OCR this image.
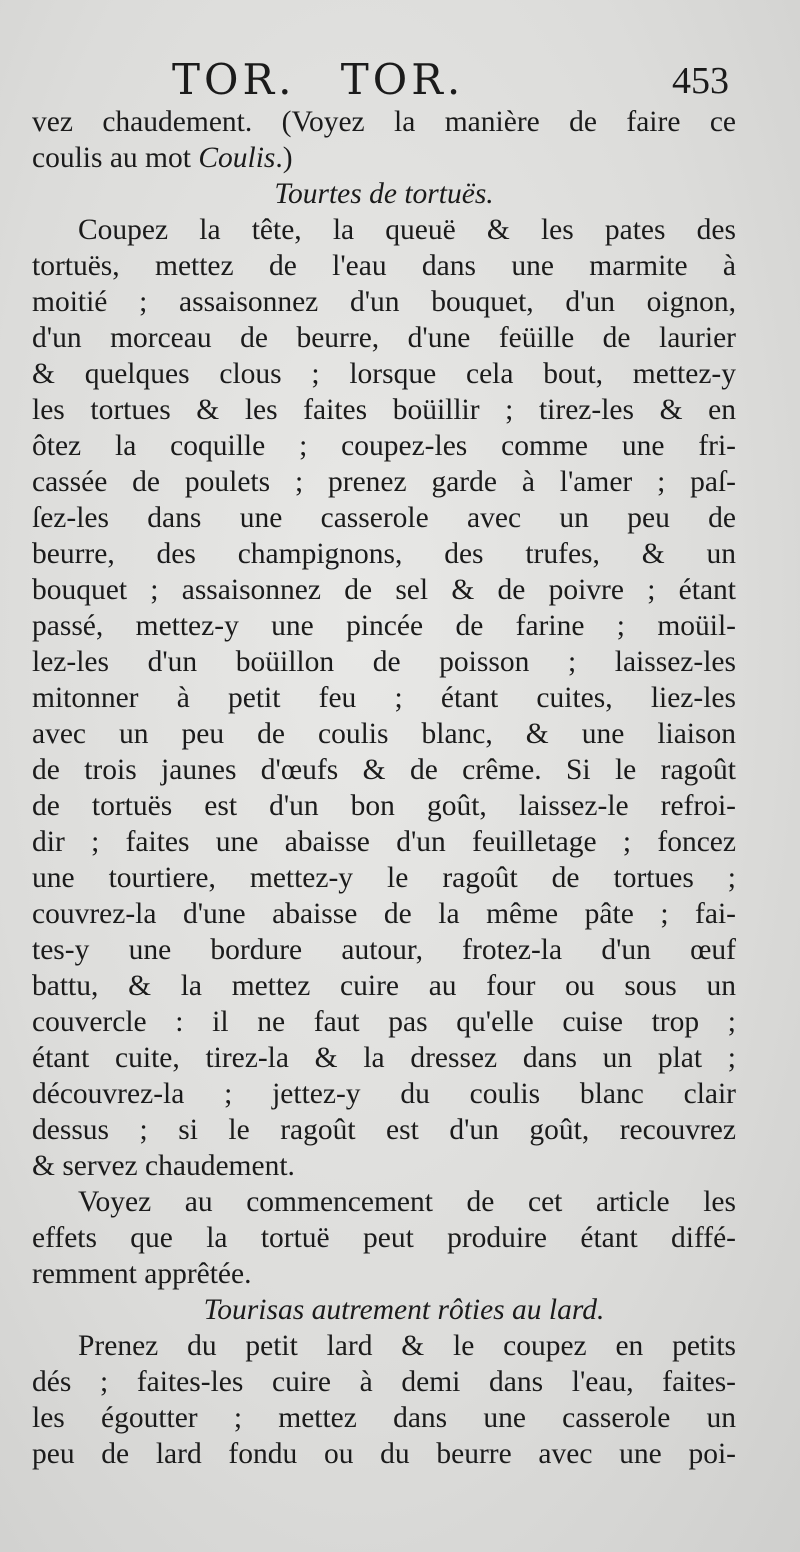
TOR. TOR.	453
vez chaudement. (Voyez la manière de faire ce
coulis au mot Coulis.)
Tourtes de tortuës.
Coupez la tête, la queuë & les pates des
tortuës, mettez de l'eau dans une marmite à
moitié ; assaisonnez d'un bouquet, d'un oignon,
d'un morceau de beurre, d'une feüille de laurier
& quelques clous ; lorsque cela bout, mettez-y
les tortues & les faites boüillir ; tirez-les & en
ôtez la coquille ; coupez-les comme une fri-
cassée de poulets ; prenez garde à l'amer ; paſ-
ſez-les dans une casserole avec un peu de
beurre, des champignons, des trufes, & un
bouquet ; assaisonnez de sel & de poivre ; étant
passé, mettez-y une pincée de farine ; moüil-
lez-les d'un boüillon de poisson ; laissez-les
mitonner à petit feu ; étant cuites, liez-les
avec un peu de coulis blanc, & une liaison
de trois jaunes d'œufs & de crême. Si le ragoût
de tortuës est d'un bon goût, laissez-le refroi-
dir ; faites une abaisse d'un feuilletage ; foncez
une tourtiere, mettez-y le ragoût de tortues ;
couvrez-la d'une abaisse de la même pâte ; fai-
tes-y une bordure autour, frotez-la d'un œuf
battu, & la mettez cuire au four ou sous un
couvercle : il ne faut pas qu'elle cuise trop ;
étant cuite, tirez-la & la dressez dans un plat ;
découvrez-la ; jettez-y du coulis blanc clair
dessus ; si le ragoût est d'un goût, recouvrez
& servez chaudement.
Voyez au commencement de cet article les
effets que la tortuë peut produire étant diffé-
remment apprêtée.
Tourisas autrement rôties au lard.
Prenez du petit lard & le coupez en petits
dés ; faites-les cuire à demi dans l'eau, faites-
les égoutter ; mettez dans une casserole un
peu de lard fondu ou du beurre avec une poi-
